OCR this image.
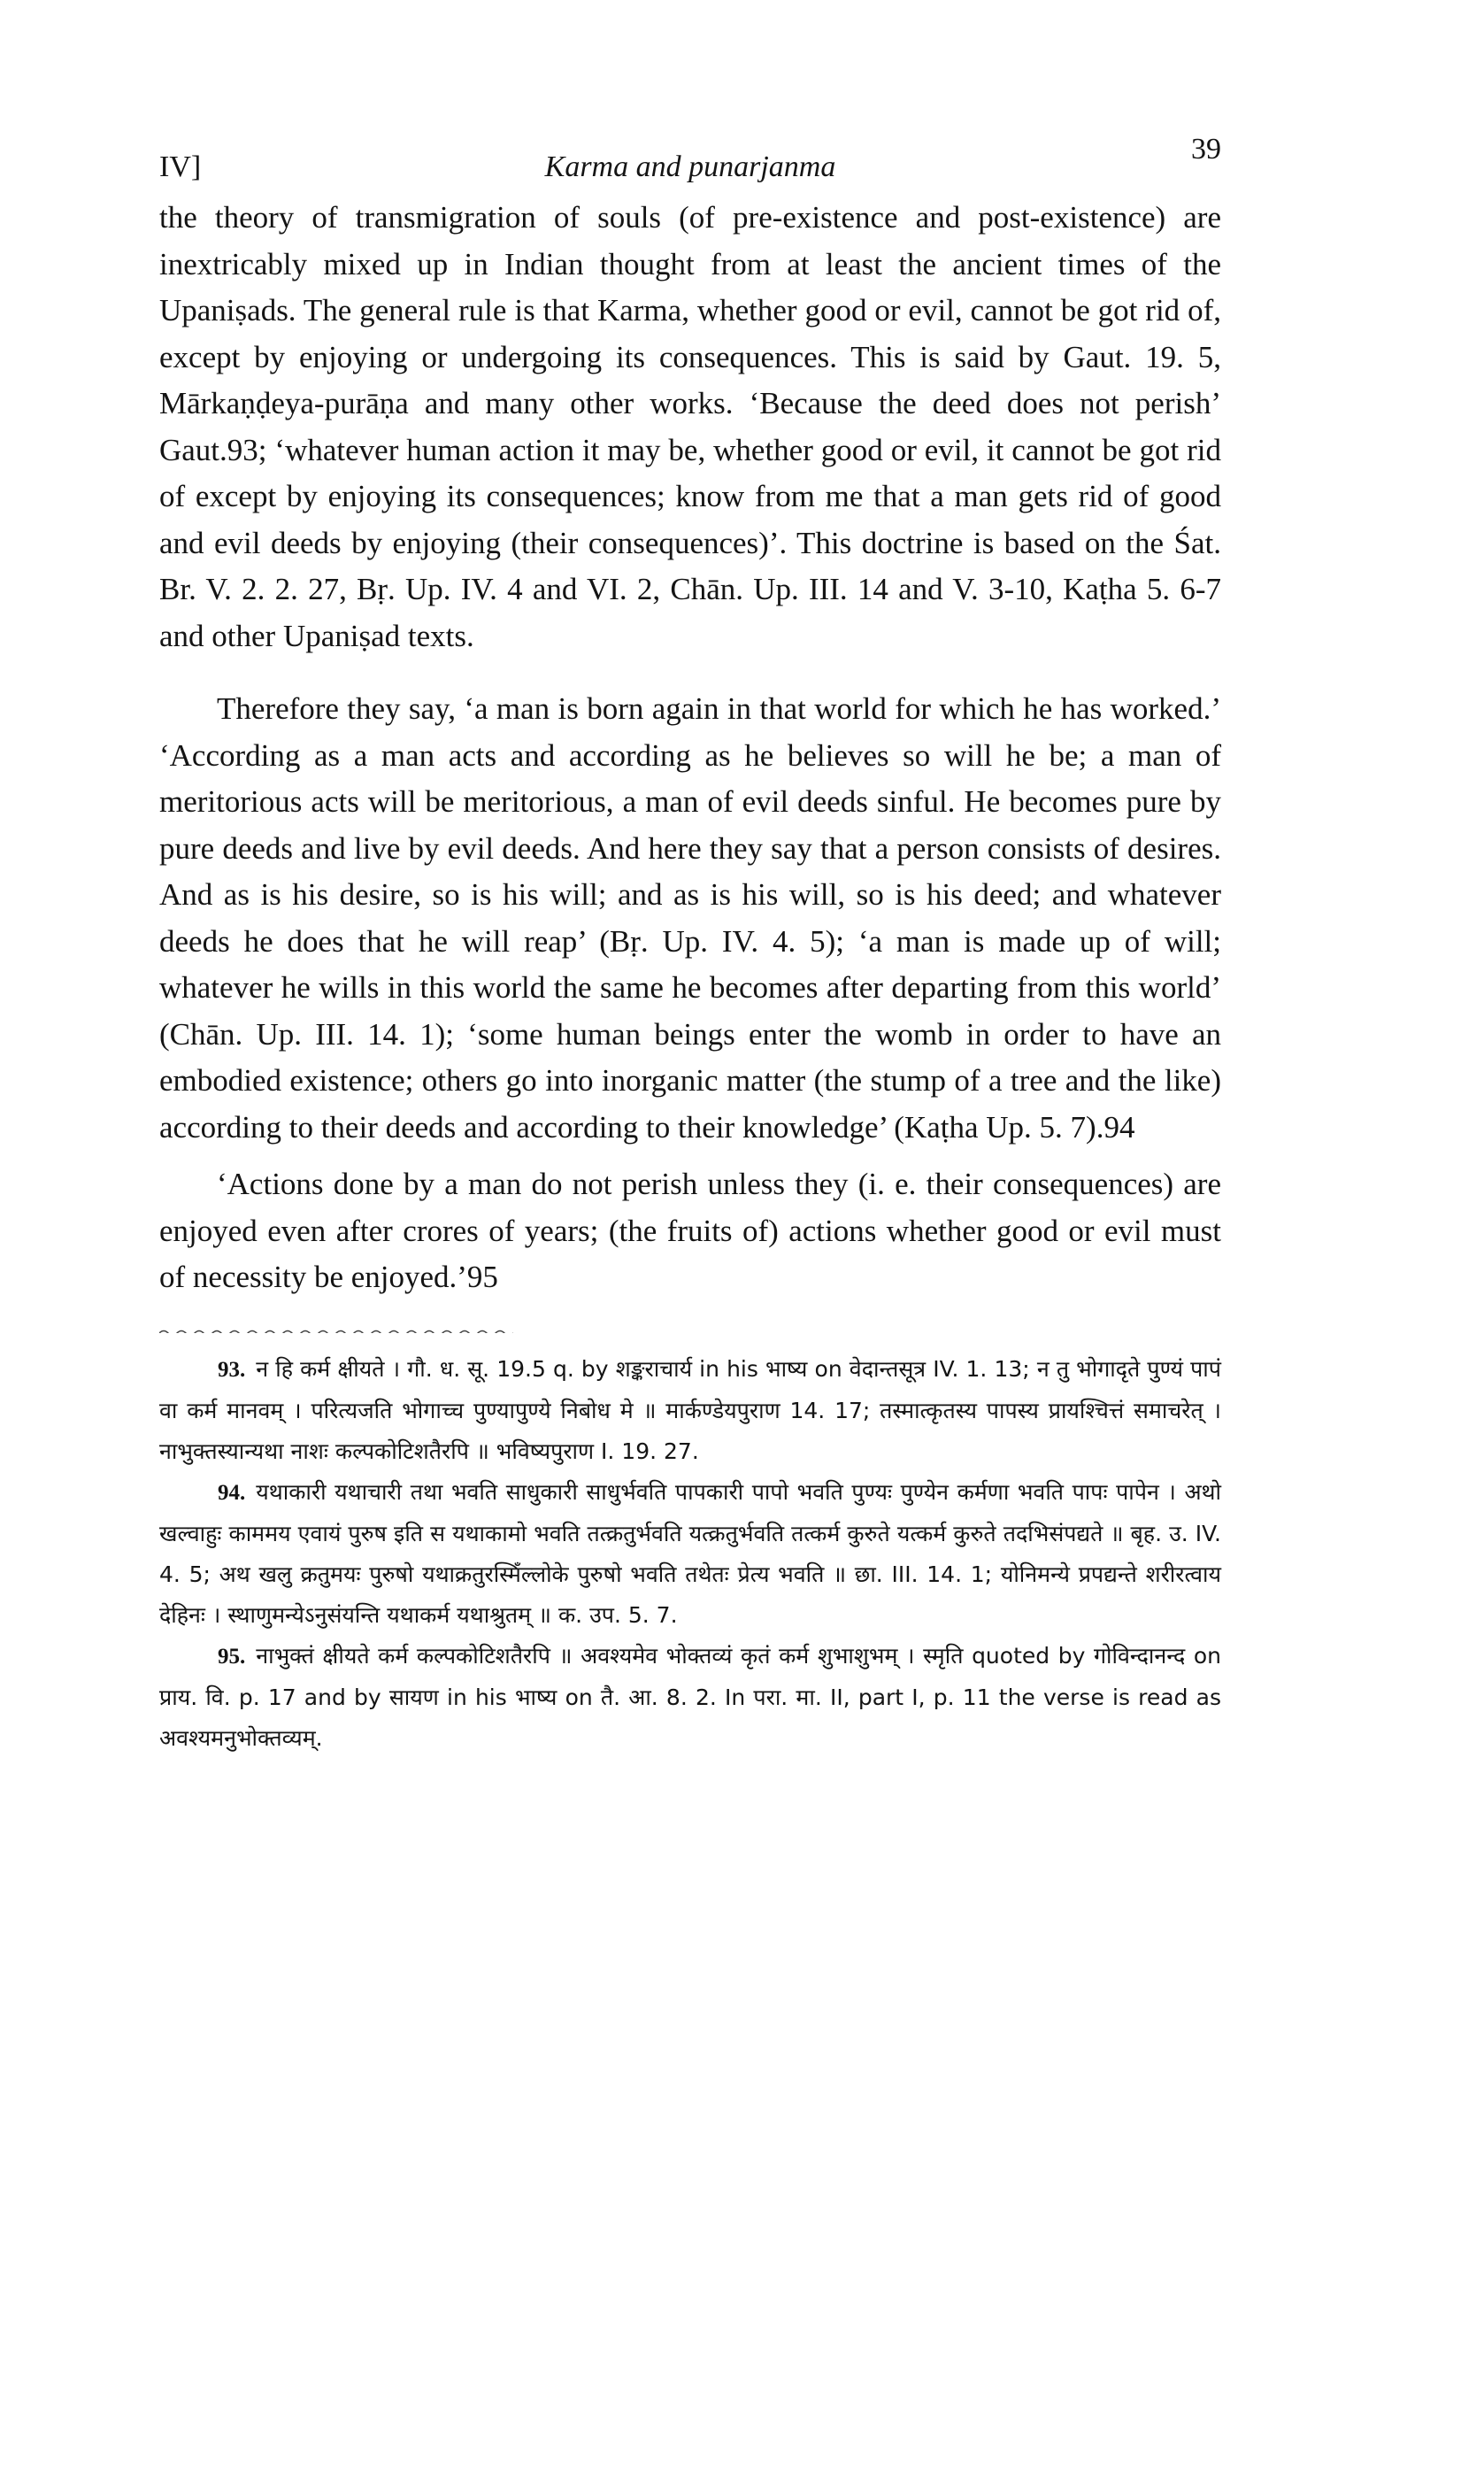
IV]	Karma and punarjanma
39

the theory of transmigration of souls (of pre-existence and post-existence) are inextricably mixed up in Indian thought from at least the ancient times of the Upaniṣads. The general rule is that Karma, whether good or evil, cannot be got rid of, except by enjoying or undergoing its consequences. This is said by Gaut. 19. 5, Mārkaṇḍeya-purāṇa and many other works. ‘Because the deed does not perish’ Gaut.93; ‘whatever human action it may be, whether good or evil, it cannot be got rid of except by enjoying its consequences; know from me that a man gets rid of good and evil deeds by enjoying (their consequences)’. This doctrine is based on the Śat. Br. V. 2. 2. 27, Bṛ. Up. IV. 4 and VI. 2, Chān. Up. III. 14 and V. 3-10, Kaṭha 5. 6-7 and other Upaniṣad texts.

Therefore they say, ‘a man is born again in that world for which he has worked.’ ‘According as a man acts and according as he believes so will he be; a man of meritorious acts will be meritorious, a man of evil deeds sinful. He becomes pure by pure deeds and live by evil deeds. And here they say that a person consists of desires. And as is his desire, so is his will; and as is his will, so is his deed; and whatever deeds he does that he will reap’ (Bṛ. Up. IV. 4. 5); ‘a man is made up of will; whatever he wills in this world the same he becomes after departing from this world’ (Chān. Up. III. 14. 1); ‘some human beings enter the womb in order to have an embodied existence; others go into inorganic matter (the stump of a tree and the like) according to their deeds and according to their knowledge’ (Kaṭha Up. 5. 7).94

‘Actions done by a man do not perish unless they (i. e. their consequences) are enjoyed even after crores of years; (the fruits of) actions whether good or evil must of necessity be enjoyed.’95

93. न हि कर्म क्षीयते । गौ. ध. सू. 19.5 q. by शङ्कराचार्य in his भाष्य on वेदान्तसूत्र IV. 1. 13; न तु भोगादृते पुण्यं पापं वा कर्म मानवम् । परित्यजति भोगाच्च पुण्यापुण्ये निबोध मे ॥ मार्कण्डेयपुराण 14. 17; तस्मात्कृतस्य पापस्य प्रायश्चित्तं समाचरेत् । नाभुक्तस्यान्यथा नाशः कल्पकोटिशतैरपि ॥ भविष्यपुराण I. 19. 27.

94. यथाकारी यथाचारी तथा भवति साधुकारी साधुर्भवति पापकारी पापो भवति पुण्यः पुण्येन कर्मणा भवति पापः पापेन । अथो खल्वाहुः काममय एवायं पुरुष इति स यथाकामो भवति तत्क्रतुर्भवति यत्क्रतुर्भवति तत्कर्म कुरुते यत्कर्म कुरुते तदभिसंपद्यते ॥ बृह. उ. IV. 4. 5; अथ खलु क्रतुमयः पुरुषो यथाक्रतुरस्मिँल्लोके पुरुषो भवति तथेतः प्रेत्य भवति ॥ छा. III. 14. 1; योनिमन्ये प्रपद्यन्ते शरीरत्वाय देहिनः । स्थाणुमन्येऽनुसंयन्ति यथाकर्म यथाश्रुतम् ॥ क. उप. 5. 7.

95. नाभुक्तं क्षीयते कर्म कल्पकोटिशतैरपि ॥ अवश्यमेव भोक्तव्यं कृतं कर्म शुभाशुभम् । स्मृति quoted by गोविन्दानन्द on प्राय. वि. p. 17 and by सायण in his भाष्य on तै. आ. 8. 2. In परा. मा. II, part I, p. 11 the verse is read as अवश्यमनुभोक्तव्यम्.
